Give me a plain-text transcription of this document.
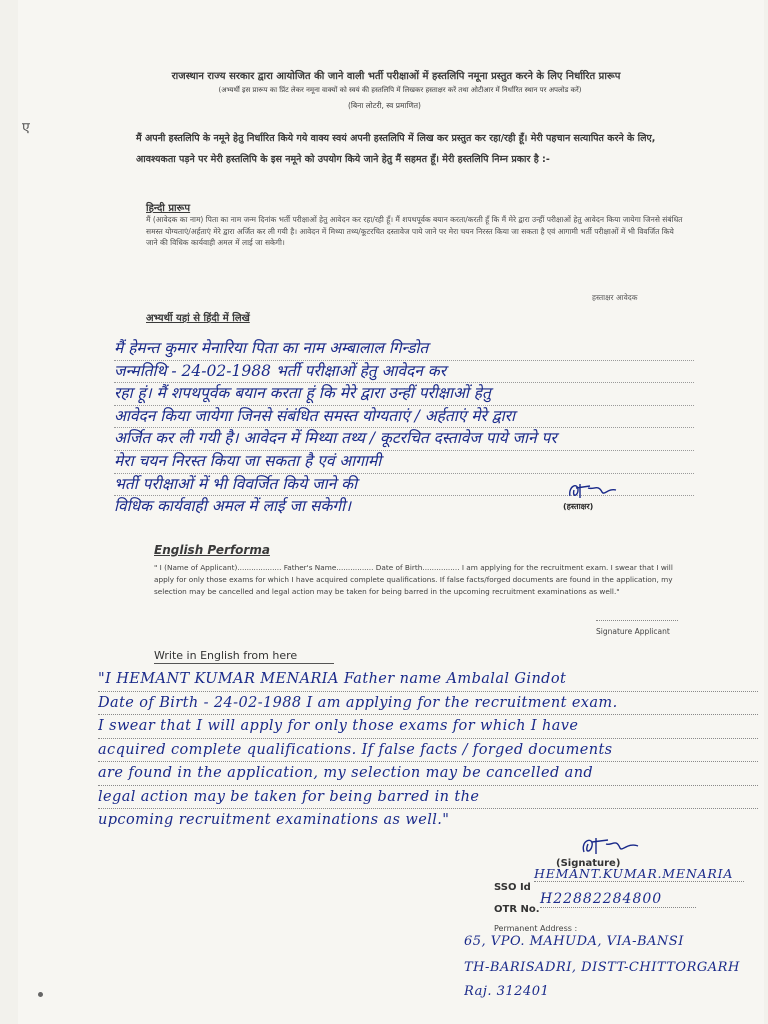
ए
राजस्थान राज्य सरकार द्वारा आयोजित की जाने वाली भर्ती परीक्षाओं में हस्तलिपि नमूना प्रस्तुत करने के लिए निर्धारित प्रारूप
(अभ्यर्थी इस प्रारूप का प्रिंट लेकर नमूना वाक्यों को स्वयं की हस्तलिपि में लिखकर हस्ताक्षर करें तथा ओटीआर में निर्धारित स्थान पर अपलोड करें)
(बिना लोटरी, स्व प्रमाणित)
मैं अपनी हस्तलिपि के नमूने हेतु निर्धारित किये गये वाक्य स्वयं अपनी हस्तलिपि में लिख कर प्रस्तुत कर रहा/रही हूँ। मेरी पहचान सत्यापित करने के लिए, आवश्यकता पड़ने पर मेरी हस्तलिपि के इस नमूने को उपयोग किये जाने हेतु मैं सहमत हूँ। मेरी हस्तलिपि निम्न प्रकार है :-
हिन्दी प्रारूप
मैं (आवेदक का नाम) पिता का नाम जन्म दिनांक भर्ती परीक्षाओं हेतु आवेदन कर रहा/रही हूँ। मैं शपथपूर्वक बयान करता/करती हूँ कि मैं मेरे द्वारा उन्हीं परीक्षाओं हेतु आवेदन किया जायेगा जिनसे संबंधित समस्त योग्यताएं/अर्हताएं मेरे द्वारा अर्जित कर ली गयी है। आवेदन में मिथ्या तथ्य/कूटरचित दस्तावेज पाये जाने पर मेरा चयन निरस्त किया जा सकता है एवं आगामी भर्ती परीक्षाओं में भी विवर्जित किये जाने की विधिक कार्यवाही अमल में लाई जा सकेगी।
हस्ताक्षर आवेदक
अभ्यर्थी यहां से हिंदी में लिखें
मैं हेमन्त कुमार मेनारिया पिता का नाम अम्बालाल गिन्डोत
जन्मतिथि - 24-02-1988 भर्ती परीक्षाओं हेतु आवेदन कर
रहा हूं। मैं शपथपूर्वक बयान करता हूं कि मेरे द्वारा उन्हीं परीक्षाओं हेतु
आवेदन किया जायेगा जिनसे संबंधित समस्त योग्यताएं / अर्हताएं मेरे द्वारा
अर्जित कर ली गयी है। आवेदन में मिथ्या तथ्य / कूटरचित दस्तावेज पाये जाने पर
मेरा चयन निरस्त किया जा सकता है एवं आगामी
भर्ती परीक्षाओं में भी विवर्जित किये जाने की
विधिक कार्यवाही अमल में लाई जा सकेगी।	(हस्ताक्षर)
English Performa
" I (Name of Applicant)................... Father's Name................ Date of Birth................ I am applying for the recruitment exam. I swear that I will apply for only those exams for which I have acquired complete qualifications. If false facts/forged documents are found in the application, my selection may be cancelled and legal action may be taken for being barred in the upcoming recruitment examinations as well."
Signature Applicant
Write in English from here
"I HEMANT KUMAR MENARIA Father name Ambalal Gindot
Date of Birth - 24-02-1988 I am applying for the recruitment exam.
I swear that I will apply for only those exams for which I have
acquired complete qualifications. If false facts / forged documents
are found in the application, my selection may be cancelled and
legal action may be taken for being barred in the
upcoming recruitment examinations as well."
(Signature)
SSO Id
HEMANT.KUMAR.MENARIA
OTR No.
H22882284800
Permanent Address :
65, VPO. MAHUDA, VIA-BANSI
TH-BARISADRI, DISTT-CHITTORGARH
Raj. 312401
